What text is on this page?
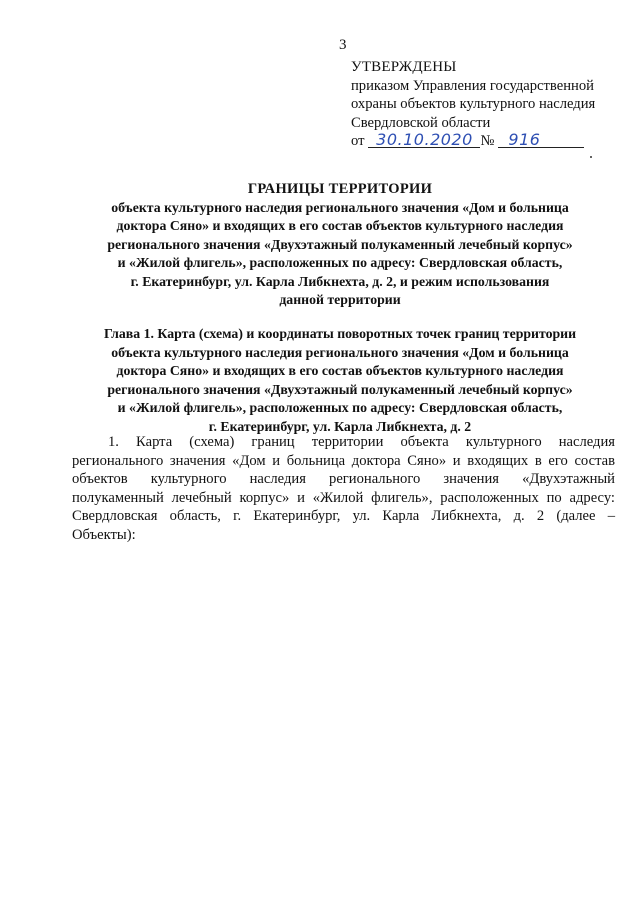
3
УТВЕРЖДЕНЫ
приказом Управления государственной
охраны объектов культурного наследия
Свердловской области
от 30.10.2020 № 916
ГРАНИЦЫ ТЕРРИТОРИИ
объекта культурного наследия регионального значения «Дом и больница
доктора Сяно» и входящих в его состав объектов культурного наследия
регионального значения «Двухэтажный полукаменный лечебный корпус»
и «Жилой флигель», расположенных по адресу: Свердловская область,
г. Екатеринбург, ул. Карла Либкнехта, д. 2, и режим использования
данной территории
Глава 1. Карта (схема) и координаты поворотных точек границ территории
объекта культурного наследия регионального значения «Дом и больница
доктора Сяно» и входящих в его состав объектов культурного наследия
регионального значения «Двухэтажный полукаменный лечебный корпус»
и «Жилой флигель», расположенных по адресу: Свердловская область,
г. Екатеринбург, ул. Карла Либкнехта, д. 2
1. Карта (схема) границ территории объекта культурного наследия
регионального значения «Дом и больница доктора Сяно» и входящих в его состав
объектов культурного наследия регионального значения «Двухэтажный
полукаменный лечебный корпус» и «Жилой флигель», расположенных по адресу:
Свердловская область, г. Екатеринбург, ул. Карла Либкнехта, д. 2 (далее –
Объекты):
